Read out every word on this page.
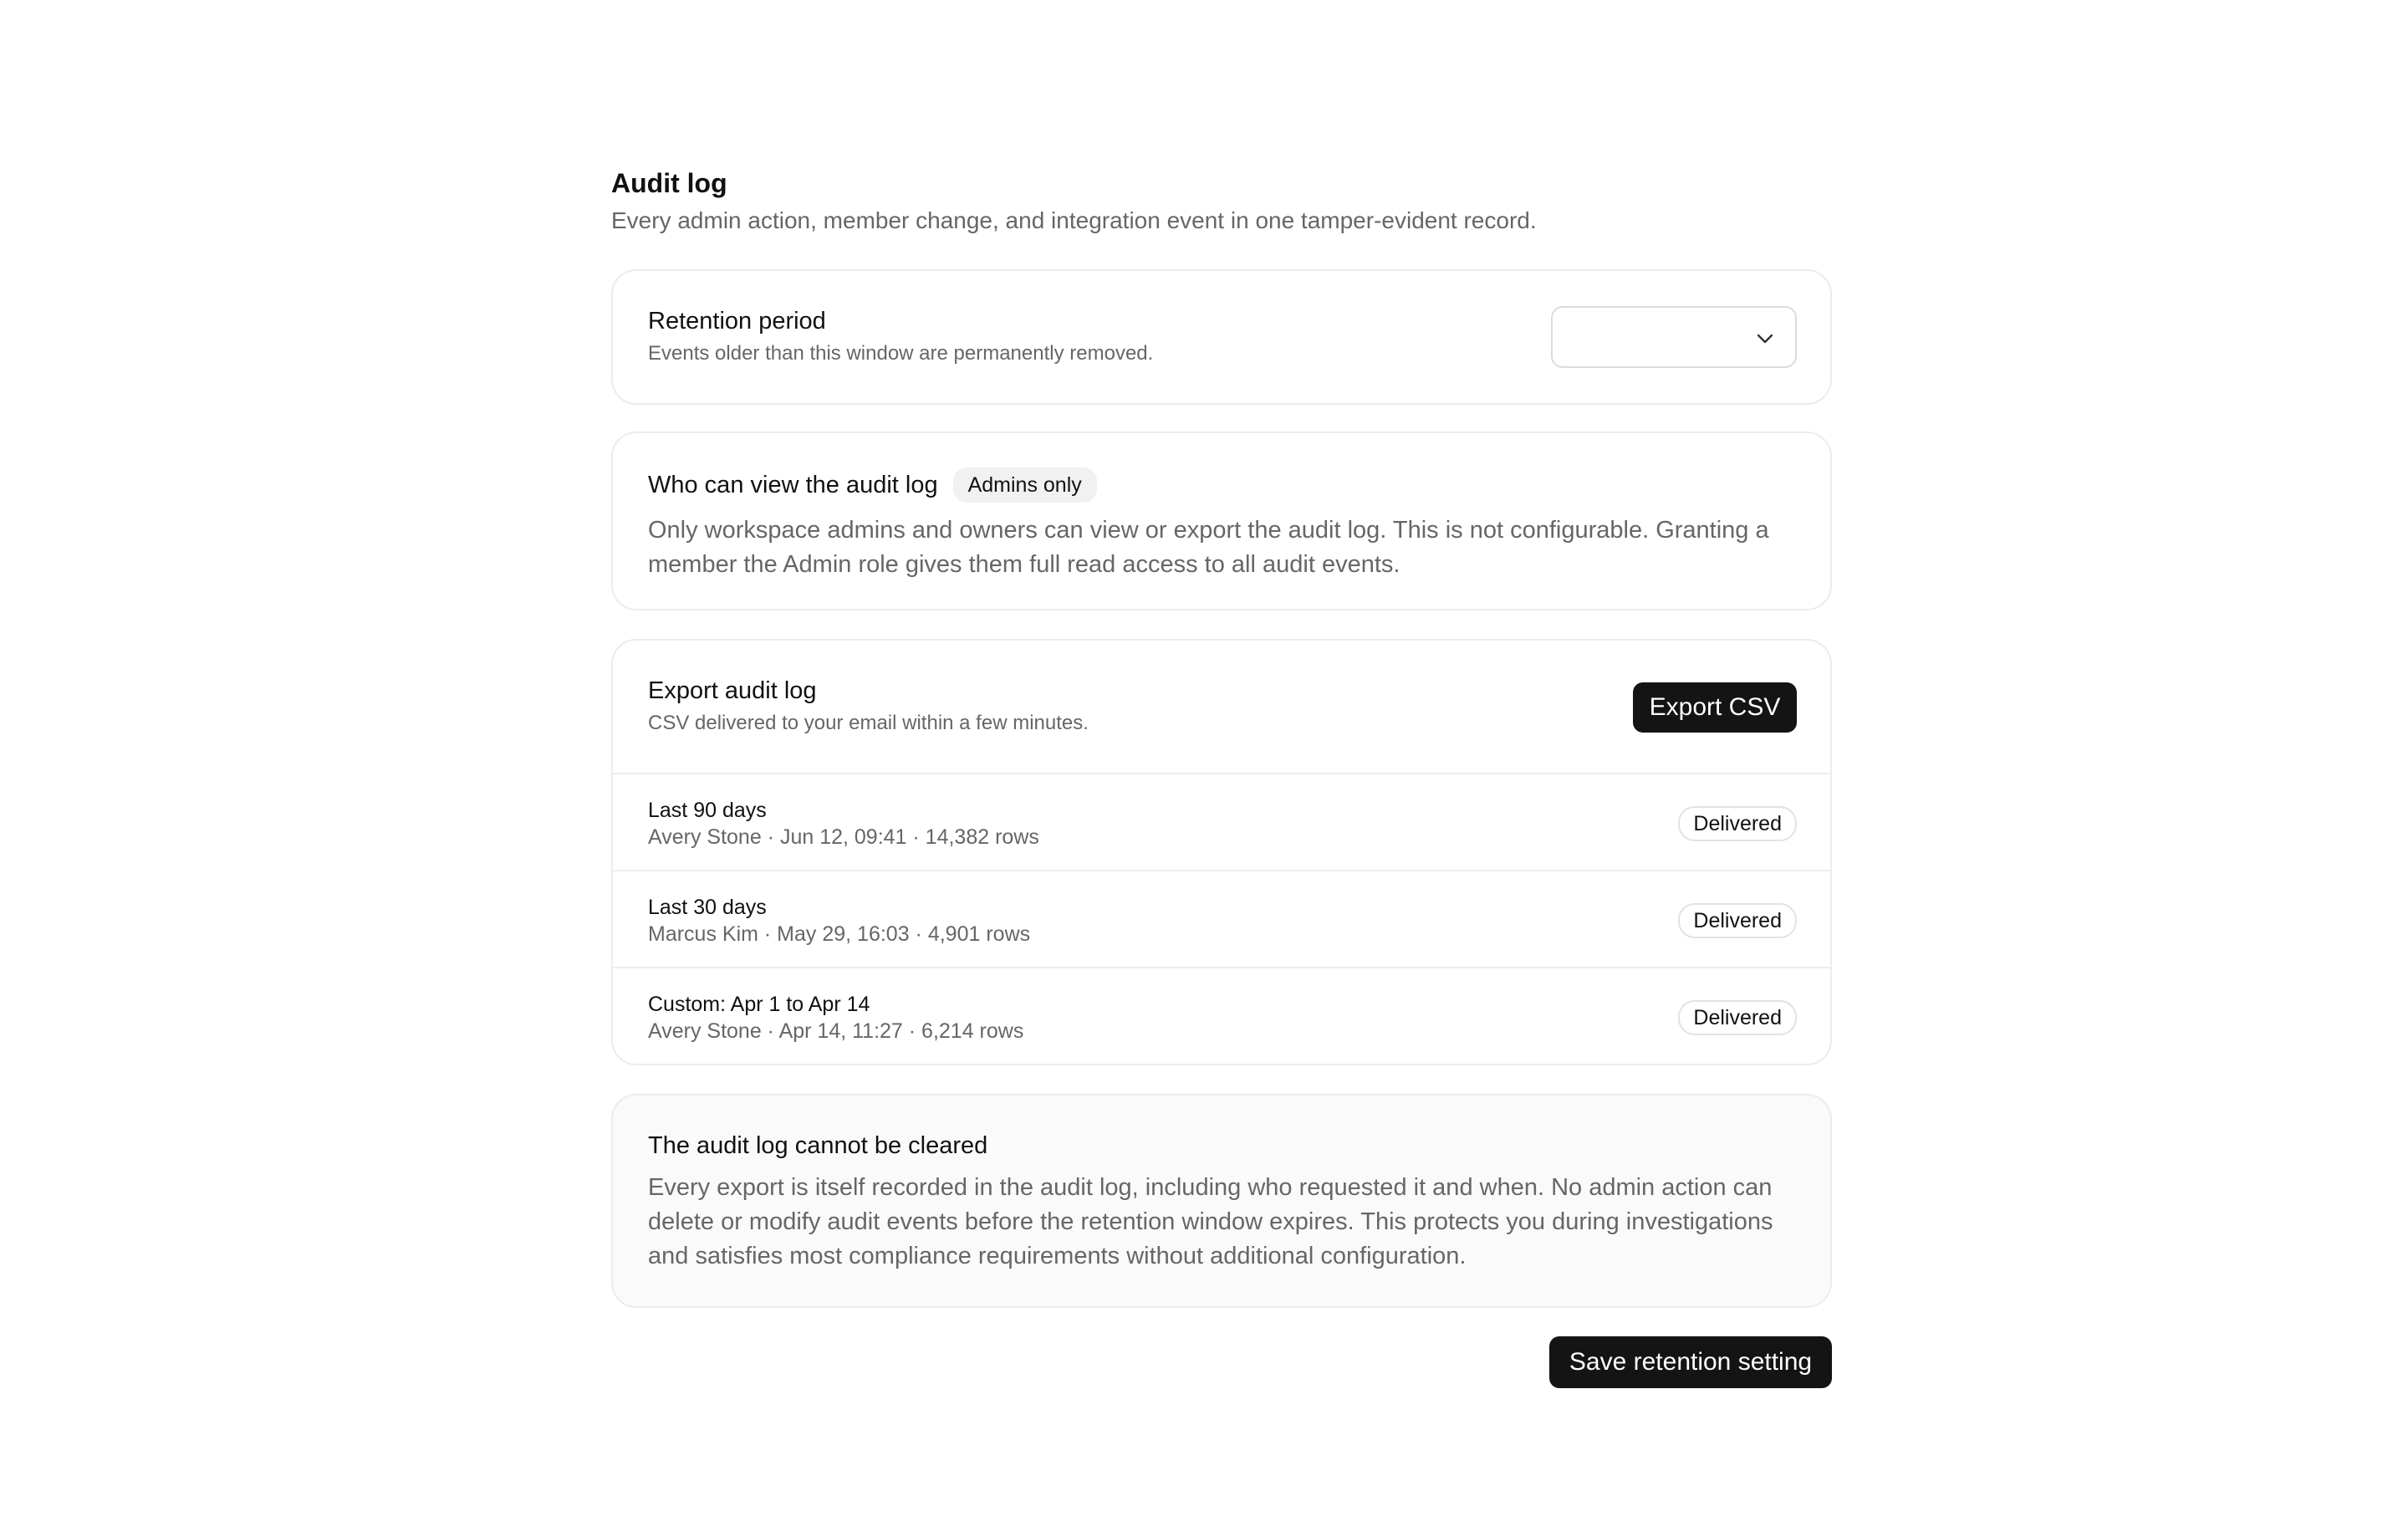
Audit log
Every admin action, member change, and integration event in one tamper-evident record.
Retention period
Events older than this window are permanently removed.
Who can view the audit log	Admins only
Only workspace admins and owners can view or export the audit log. This is not configurable. Granting a member the Admin role gives them full read access to all audit events.
Export audit log
CSV delivered to your email within a few minutes.
Export CSV
Last 90 days
Avery Stone · Jun 12, 09:41 · 14,382 rows
Delivered
Last 30 days
Marcus Kim · May 29, 16:03 · 4,901 rows
Delivered
Custom: Apr 1 to Apr 14
Avery Stone · Apr 14, 11:27 · 6,214 rows
Delivered
The audit log cannot be cleared
Every export is itself recorded in the audit log, including who requested it and when. No admin action can delete or modify audit events before the retention window expires. This protects you during investigations and satisfies most compliance requirements without additional configuration.
Save retention setting
